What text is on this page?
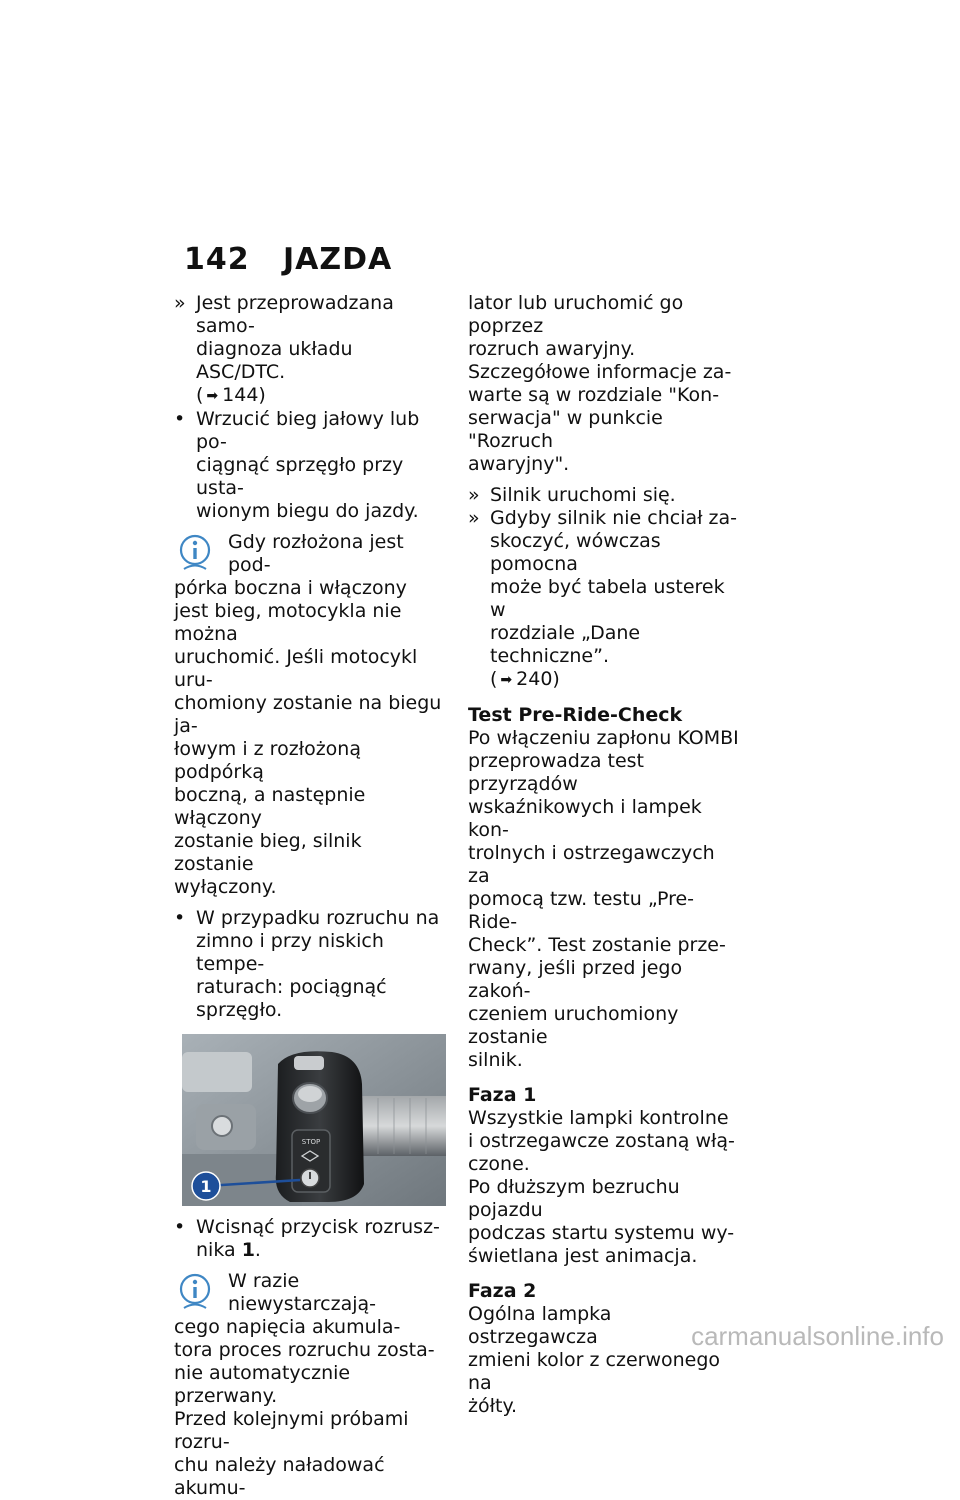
142 JAZDA
» Jest przeprowadzana samo-
diagnoza układu ASC/DTC.
( ➡ 144)
• Wrzucić bieg jałowy lub po-
ciągnąć sprzęgło przy usta-
wionym biegu do jazdy.
Gdy rozłożona jest pod-
pórka boczna i włączony
jest bieg, motocykla nie można
uruchomić. Jeśli motocykl uru-
chomiony zostanie na biegu ja-
łowym i z rozłożoną podpórką
boczną, a następnie włączony
zostanie bieg, silnik zostanie
wyłączony.
• W przypadku rozruchu na
zimno i przy niskich tempe-
raturach: pociągnąć sprzęgło.
STOP
1
• Wcisnąć przycisk rozrusz-
nika 1.
W razie niewystarczają-
cego napięcia akumula-
tora proces rozruchu zosta-
nie automatycznie przerwany.
Przed kolejnymi próbami rozru-
chu należy naładować akumu-
lator lub uruchomić go poprzez
rozruch awaryjny.
Szczegółowe informacje za-
warte są w rozdziale "Kon-
serwacja" w punkcie "Rozruch
awaryjny".
» Silnik uruchomi się.
» Gdyby silnik nie chciał za-
skoczyć, wówczas pomocna
może być tabela usterek w
rozdziale „Dane techniczne”.
( ➡ 240)
Test Pre-Ride-Check
Po włączeniu zapłonu KOMBI
przeprowadza test przyrządów
wskaźnikowych i lampek kon-
trolnych i ostrzegawczych za
pomocą tzw. testu „Pre-Ride-
Check”. Test zostanie prze-
rwany, jeśli przed jego zakoń-
czeniem uruchomiony zostanie
silnik.
Faza 1
Wszystkie lampki kontrolne
i ostrzegawcze zostaną włą-
czone.
Po dłuższym bezruchu pojazdu
podczas startu systemu wy-
świetlana jest animacja.
Faza 2
Ogólna lampka ostrzegawcza
zmieni kolor z czerwonego na
żółty.

carmanualsonline.info
